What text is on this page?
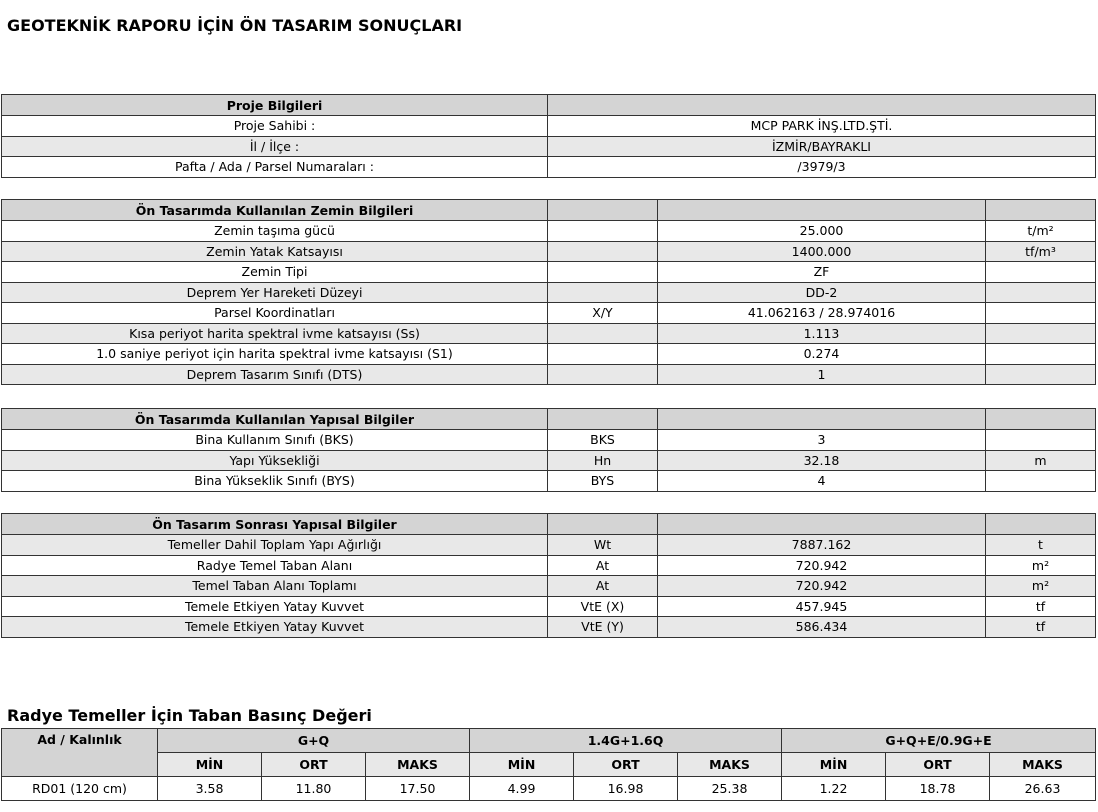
GEOTEKNİK RAPORU İÇİN ÖN TASARIM SONUÇLARI
Proje Bilgileri	
Proje Sahibi :	MCP PARK İNŞ.LTD.ŞTİ.
İl / İlçe :	İZMİR/BAYRAKLI
Pafta / Ada / Parsel Numaraları :	/3979/3
Ön Tasarımda Kullanılan Zemin Bilgileri			
Zemin taşıma gücü		25.000	t/m²
Zemin Yatak Katsayısı		1400.000	tf/m³
Zemin Tipi		ZF	
Deprem Yer Hareketi Düzeyi		DD-2	
Parsel Koordinatları	X/Y	41.062163 / 28.974016	
Kısa periyot harita spektral ivme katsayısı (Ss)		1.113	
1.0 saniye periyot için harita spektral ivme katsayısı (S1)		0.274	
Deprem Tasarım Sınıfı (DTS)		1	
Ön Tasarımda Kullanılan Yapısal Bilgiler			
Bina Kullanım Sınıfı (BKS)	BKS	3	
Yapı Yüksekliği	Hn	32.18	m
Bina Yükseklik Sınıfı (BYS)	BYS	4	
Ön Tasarım Sonrası Yapısal Bilgiler			
Temeller Dahil Toplam Yapı Ağırlığı	Wt	7887.162	t
Radye Temel Taban Alanı	At	720.942	m²
Temel Taban Alanı Toplamı	At	720.942	m²
Temele Etkiyen Yatay Kuvvet	VtE (X)	457.945	tf
Temele Etkiyen Yatay Kuvvet	VtE (Y)	586.434	tf
Radye Temeller İçin Taban Basınç Değeri
Ad / Kalınlık	G+Q			1.4G+1.6Q			G+Q+E/0.9G+E		
	MİN	ORT	MAKS	MİN	ORT	MAKS	MİN	ORT	MAKS
RD01 (120 cm)	3.58	11.80	17.50	4.99	16.98	25.38	1.22	18.78	26.63
